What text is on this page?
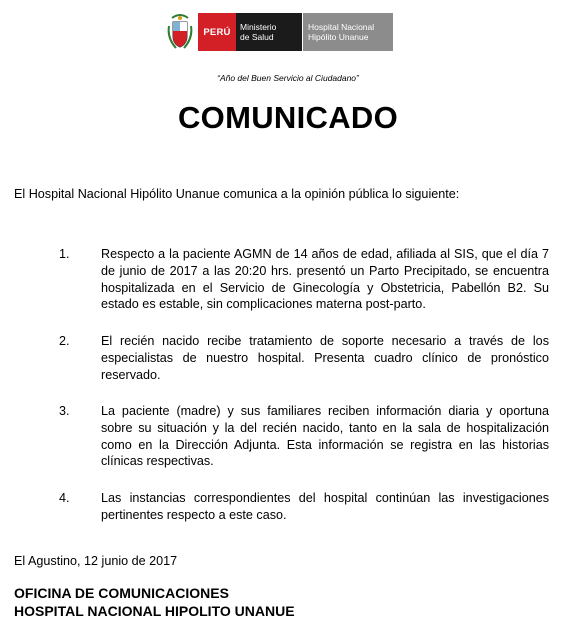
PERÚ	Ministerio
de Salud
Hospital Nacional
Hipólito Unanue
“Año del Buen Servicio al Ciudadano”
COMUNICADO
El Hospital Nacional Hipólito Unanue comunica a la opinión pública lo siguiente:
1.	Respecto a la paciente AGMN de 14 años de edad, afiliada al SIS, que el día 7 de junio de 2017 a las 20:20 hrs. presentó un Parto Precipitado, se encuentra hospitalizada en el Servicio de Ginecología y Obstetricia, Pabellón B2. Su estado es estable, sin complicaciones materna post-parto.
2.	El recién nacido recibe tratamiento de soporte necesario a través de los especialistas de nuestro hospital. Presenta cuadro clínico de pronóstico reservado.
3.	La paciente (madre) y sus familiares reciben información diaria y oportuna sobre su situación y la del recién nacido, tanto en la sala de hospitalización como en la Dirección Adjunta. Esta información se registra en las historias clínicas respectivas.
4.	Las instancias correspondientes del hospital continúan las investigaciones pertinentes respecto a este caso.
El Agustino, 12 junio de 2017
OFICINA DE COMUNICACIONES
HOSPITAL NACIONAL HIPOLITO UNANUE
